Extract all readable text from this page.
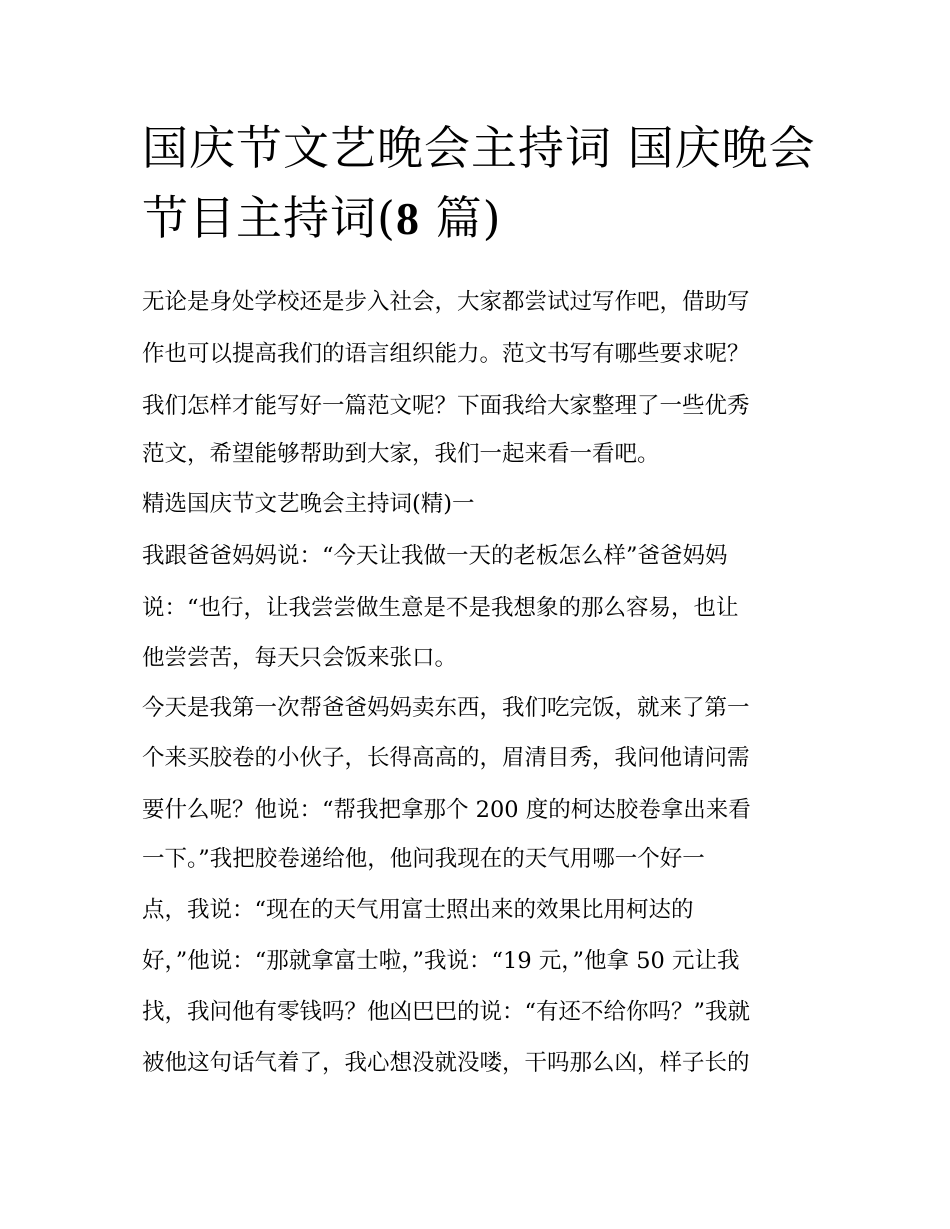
国庆节文艺晚会主持词 国庆晚会节目主持词(8 篇)

无论是身处学校还是步入社会，大家都尝试过写作吧，借助写

作也可以提高我们的语言组织能力。范文书写有哪些要求呢？

我们怎样才能写好一篇范文呢？下面我给大家整理了一些优秀

范文，希望能够帮助到大家，我们一起来看一看吧。

精选国庆节文艺晚会主持词(精)一

我跟爸爸妈妈说：“今天让我做一天的老板怎么样”爸爸妈妈

说：“也行，让我尝尝做生意是不是我想象的那么容易，也让

他尝尝苦，每天只会饭来张口。

今天是我第一次帮爸爸妈妈卖东西，我们吃完饭，就来了第一

个来买胶卷的小伙子，长得高高的，眉清目秀，我问他请问需

要什么呢？他说：“帮我把拿那个 200 度的柯达胶卷拿出来看

一下。”我把胶卷递给他，他问我现在的天气用哪一个好一

点，我说：“现在的天气用富士照出来的效果比用柯达的

好，”他说：“那就拿富士啦，”我说：“19 元，”他拿 50 元让我

找，我问他有零钱吗？他凶巴巴的说：“有还不给你吗？”我就

被他这句话气着了，我心想没就没喽，干吗那么凶，样子长的
